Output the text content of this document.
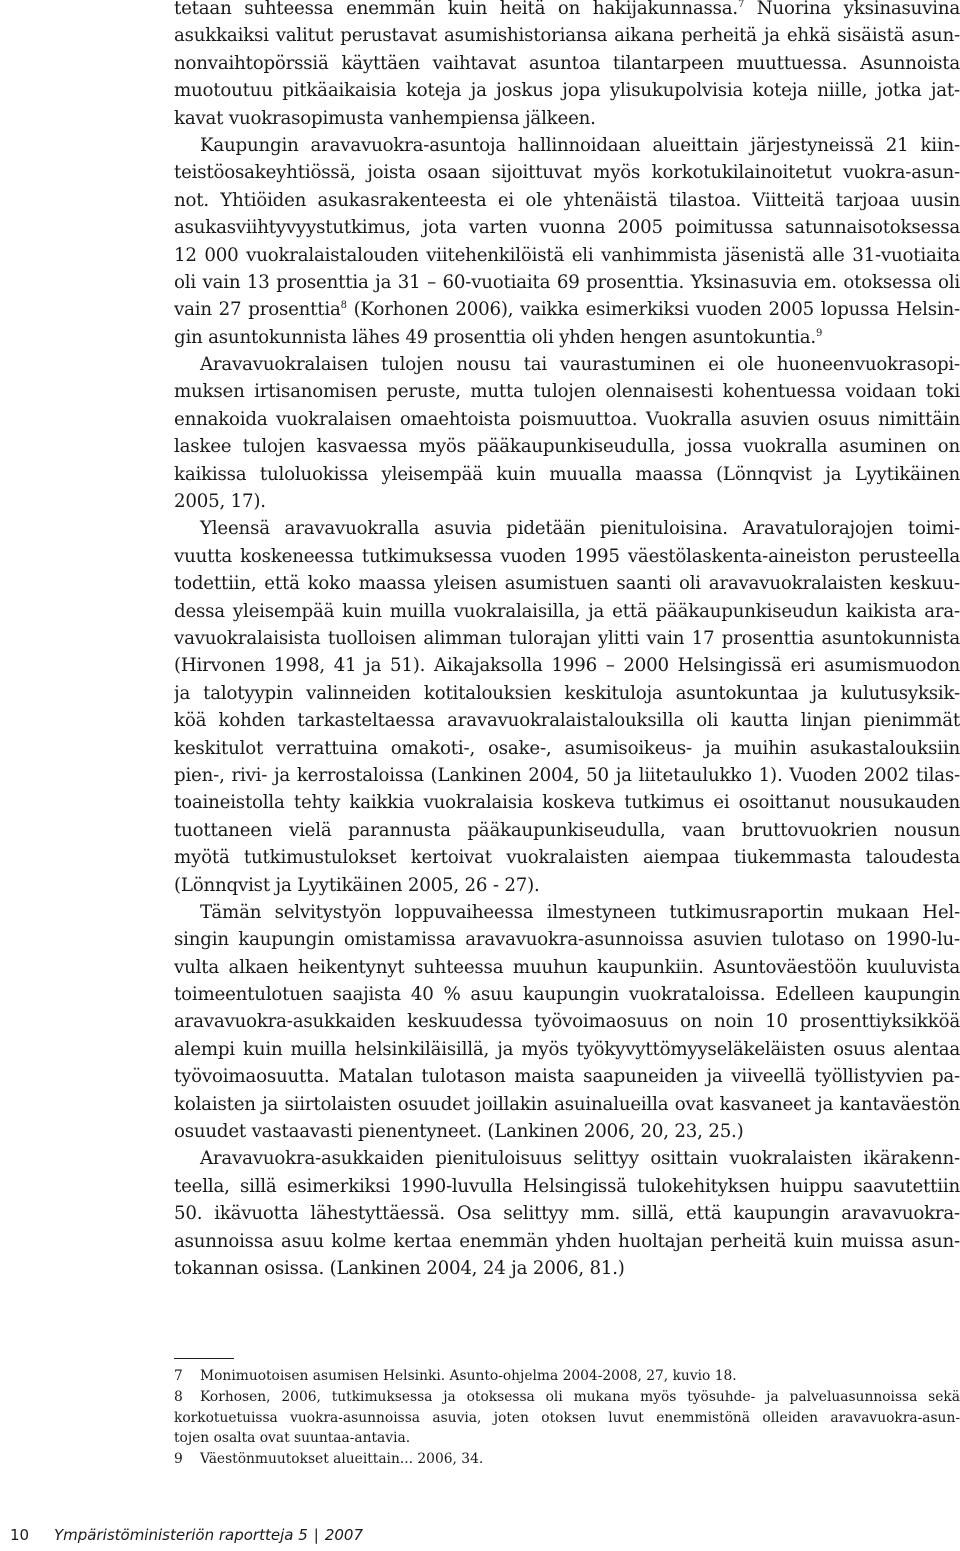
tetaan suhteessa enemmän kuin heitä on hakijakunnassa.$^7$ Nuorina yksinasuvina
asukkaiksi valitut perustavat asumishistoriansa aikana perheitä ja ehkä sisäistä asun-
nonvaihtopörssiä käyttäen vaihtavat asuntoa tilantarpeen muuttuessa. Asunnoista
muotoutuu pitkäaikaisia koteja ja joskus jopa ylisukupolvisia koteja niille, jotka jat-
kavat vuokrasopimusta vanhempiensa jälkeen.
Kaupungin aravavuokra-asuntoja hallinnoidaan alueittain järjestyneissä 21 kiin-
teistöosakeyhtiössä, joista osaan sijoittuvat myös korkotukilainoitetut vuokra-asun-
not. Yhtiöiden asukasrakenteesta ei ole yhtenäistä tilastoa. Viitteitä tarjoaa uusin
asukasviihtyvyystutkimus, jota varten vuonna 2005 poimitussa satunnaisotoksessa
12 000 vuokralaistalouden viitehenkilöistä eli vanhimmista jäsenistä alle 31-vuotiaita
oli vain 13 prosenttia ja 31 – 60-vuotiaita 69 prosenttia. Yksinasuvia em. otoksessa oli
vain 27 prosenttia$^8$ (Korhonen 2006), vaikka esimerkiksi vuoden 2005 lopussa Helsin-
gin asuntokunnista lähes 49 prosenttia oli yhden hengen asuntokuntia.$^9$
Aravavuokralaisen tulojen nousu tai vaurastuminen ei ole huoneenvuokrasopi-
muksen irtisanomisen peruste, mutta tulojen olennaisesti kohentuessa voidaan toki
ennakoida vuokralaisen omaehtoista poismuuttoa. Vuokralla asuvien osuus nimittäin
laskee tulojen kasvaessa myös pääkaupunkiseudulla, jossa vuokralla asuminen on
kaikissa tuloluokissa yleisempää kuin muualla maassa (Lönnqvist ja Lyytikäinen
2005, 17).
Yleensä aravavuokralla asuvia pidetään pienituloisina. Aravatulorajojen toimi-
vuutta koskeneessa tutkimuksessa vuoden 1995 väestölaskenta-aineiston perusteella
todettiin, että koko maassa yleisen asumistuen saanti oli aravavuokralaisten keskuu-
dessa yleisempää kuin muilla vuokralaisilla, ja että pääkaupunkiseudun kaikista ara-
vavuokralaisista tuolloisen alimman tulorajan ylitti vain 17 prosenttia asuntokunnista
(Hirvonen 1998, 41 ja 51). Aikajaksolla 1996 – 2000 Helsingissä eri asumismuodon
ja talotyypin valinneiden kotitalouksien keskituloja asuntokuntaa ja kulutusyksik-
köä kohden tarkasteltaessa aravavuokralaistalouksilla oli kautta linjan pienimmät
keskitulot verrattuina omakoti-, osake-, asumisoikeus- ja muihin asukastalouksiin
pien-, rivi- ja kerrostaloissa (Lankinen 2004, 50 ja liitetaulukko 1). Vuoden 2002 tilas-
toaineistolla tehty kaikkia vuokralaisia koskeva tutkimus ei osoittanut nousukauden
tuottaneen vielä parannusta pääkaupunkiseudulla, vaan bruttovuokrien nousun
myötä tutkimustulokset kertoivat vuokralaisten aiempaa tiukemmasta taloudesta
(Lönnqvist ja Lyytikäinen 2005, 26 - 27).
Tämän selvitystyön loppuvaiheessa ilmestyneen tutkimusraportin mukaan Hel-
singin kaupungin omistamissa aravavuokra-asunnoissa asuvien tulotaso on 1990-lu-
vulta alkaen heikentynyt suhteessa muuhun kaupunkiin. Asuntoväestöön kuuluvista
toimeentulotuen saajista 40 % asuu kaupungin vuokrataloissa. Edelleen kaupungin
aravavuokra-asukkaiden keskuudessa työvoimaosuus on noin 10 prosenttiyksikköä
alempi kuin muilla helsinkiläisillä, ja myös työkyvyttömyyseläkeläisten osuus alentaa
työvoimaosuutta. Matalan tulotason maista saapuneiden ja viiveellä työllistyvien pa-
kolaisten ja siirtolaisten osuudet joillakin asuinalueilla ovat kasvaneet ja kantaväestön
osuudet vastaavasti pienentyneet. (Lankinen 2006, 20, 23, 25.)
Aravavuokra-asukkaiden pienituloisuus selittyy osittain vuokralaisten ikärakenn-
teella, sillä esimerkiksi 1990-luvulla Helsingissä tulokehityksen huippu saavutettiin
50. ikävuotta lähestyttäessä. Osa selittyy mm. sillä, että kaupungin aravavuokra-
asunnoissa asuu kolme kertaa enemmän yhden huoltajan perheitä kuin muissa asun-
tokannan osissa. (Lankinen 2004, 24 ja 2006, 81.)
7 Monimuotoisen asumisen Helsinki. Asunto-ohjelma 2004-2008, 27, kuvio 18.
8 Korhosen, 2006, tutkimuksessa ja otoksessa oli mukana myös työsuhde- ja palveluasunnoissa sekä
korkotuetuissa vuokra-asunnoissa asuvia, joten otoksen luvut enemmistönä olleiden aravavuokra-asun-
tojen osalta ovat suuntaa-antavia.
9 Väestönmuutokset alueittain... 2006, 34.
10 Ympäristöministeriön raportteja 5 | 2007
